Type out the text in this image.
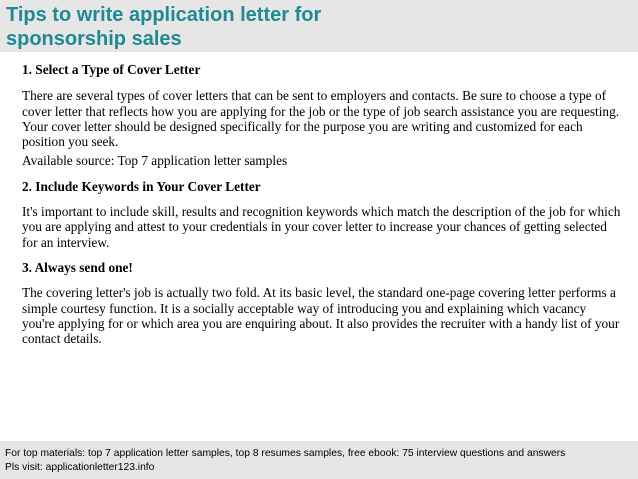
Tips to write application letter for
sponsorship sales

1. Select a Type of Cover Letter

There are several types of cover letters that can be sent to employers and contacts. Be sure to choose a type of cover letter that reflects how you are applying for the job or the type of job search assistance you are requesting. Your cover letter should be designed specifically for the purpose you are writing and customized for each position you seek.

Available source: Top 7 application letter samples

2. Include Keywords in Your Cover Letter

It's important to include skill, results and recognition keywords which match the description of the job for which you are applying and attest to your credentials in your cover letter to increase your chances of getting selected for an interview.

3. Always send one!

The covering letter's job is actually two fold. At its basic level, the standard one-page covering letter performs a simple courtesy function. It is a socially acceptable way of introducing you and explaining which vacancy you're applying for or which area you are enquiring about. It also provides the recruiter with a handy list of your contact details.

For top materials: top 7 application letter samples, top 8 resumes samples, free ebook: 75 interview questions and answers
Pls visit: applicationletter123.info
